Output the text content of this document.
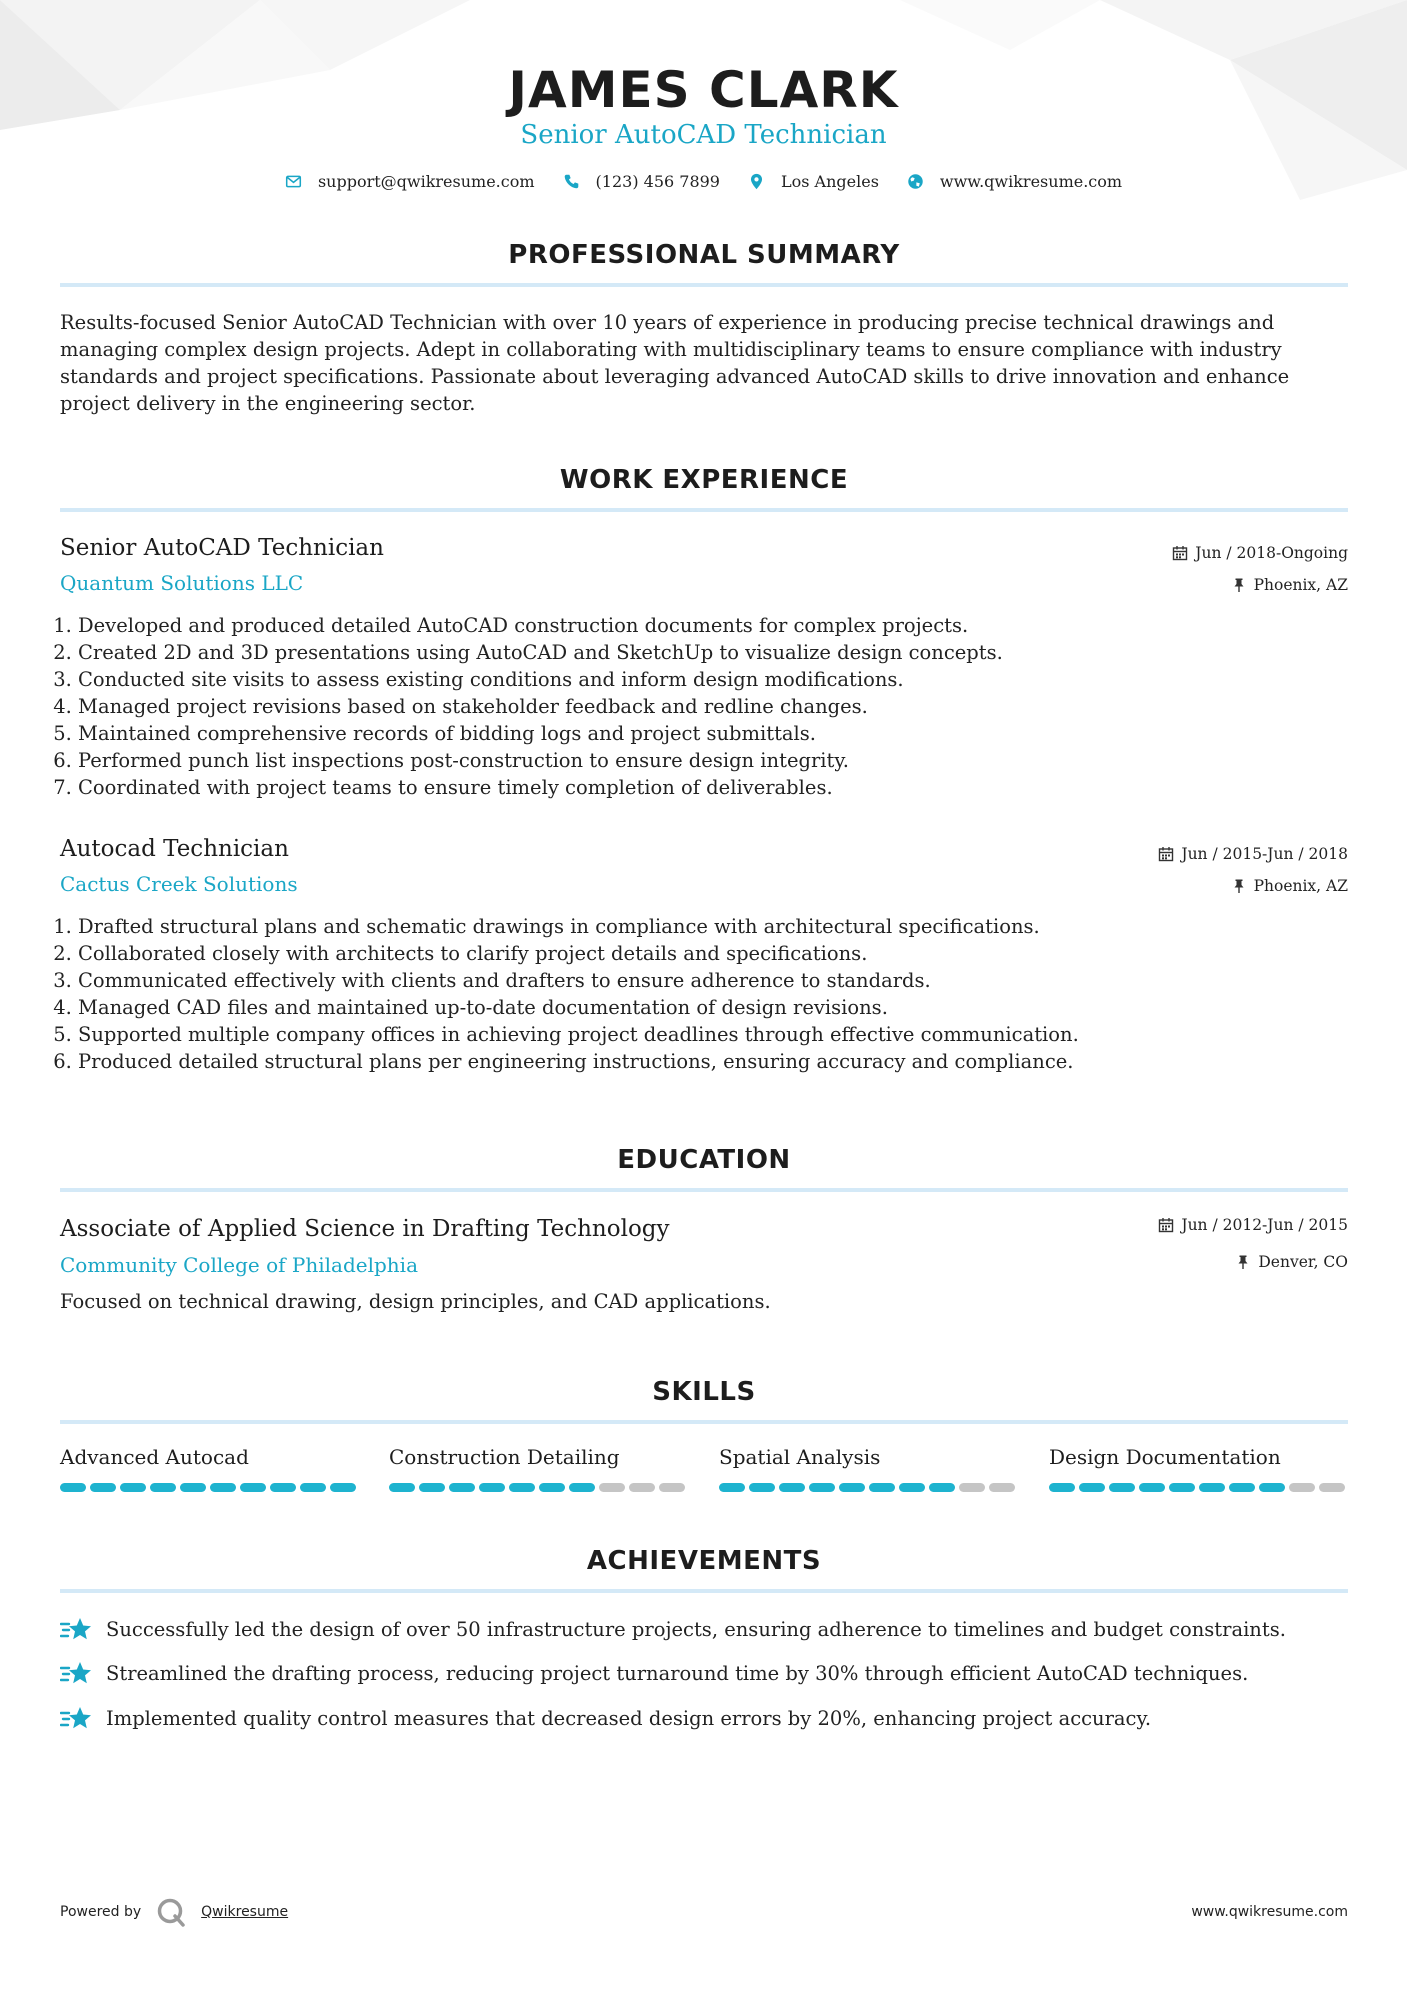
JAMES CLARK
Senior AutoCAD Technician
support@qwikresume.com	(123) 456 7899	Los Angeles	www.qwikresume.com
PROFESSIONAL SUMMARY

Results-focused Senior AutoCAD Technician with over 10 years of experience in producing precise technical drawings and managing complex design projects. Adept in collaborating with multidisciplinary teams to ensure compliance with industry standards and project specifications. Passionate about leveraging advanced AutoCAD skills to drive innovation and enhance project delivery in the engineering sector.

WORK EXPERIENCE
Senior AutoCAD Technician
Quantum Solutions LLC
Jun / 2018-Ongoing
Phoenix, AZ
1. Developed and produced detailed AutoCAD construction documents for complex projects.
2. Created 2D and 3D presentations using AutoCAD and SketchUp to visualize design concepts.
3. Conducted site visits to assess existing conditions and inform design modifications.
4. Managed project revisions based on stakeholder feedback and redline changes.
5. Maintained comprehensive records of bidding logs and project submittals.
6. Performed punch list inspections post-construction to ensure design integrity.
7. Coordinated with project teams to ensure timely completion of deliverables.
Autocad Technician
Cactus Creek Solutions
Jun / 2015-Jun / 2018
Phoenix, AZ
1. Drafted structural plans and schematic drawings in compliance with architectural specifications.
2. Collaborated closely with architects to clarify project details and specifications.
3. Communicated effectively with clients and drafters to ensure adherence to standards.
4. Managed CAD files and maintained up-to-date documentation of design revisions.
5. Supported multiple company offices in achieving project deadlines through effective communication.
6. Produced detailed structural plans per engineering instructions, ensuring accuracy and compliance.
EDUCATION
Associate of Applied Science in Drafting Technology
Community College of Philadelphia
Jun / 2012-Jun / 2015
Denver, CO
Focused on technical drawing, design principles, and CAD applications.
SKILLS
Advanced Autocad	Construction Detailing	Spatial Analysis	Design Documentation
ACHIEVEMENTS
Successfully led the design of over 50 infrastructure projects, ensuring adherence to timelines and budget constraints.
Streamlined the drafting process, reducing project turnaround time by 30% through efficient AutoCAD techniques.
Implemented quality control measures that decreased design errors by 20%, enhancing project accuracy.
Powered by	Qwikresume	www.qwikresume.com
